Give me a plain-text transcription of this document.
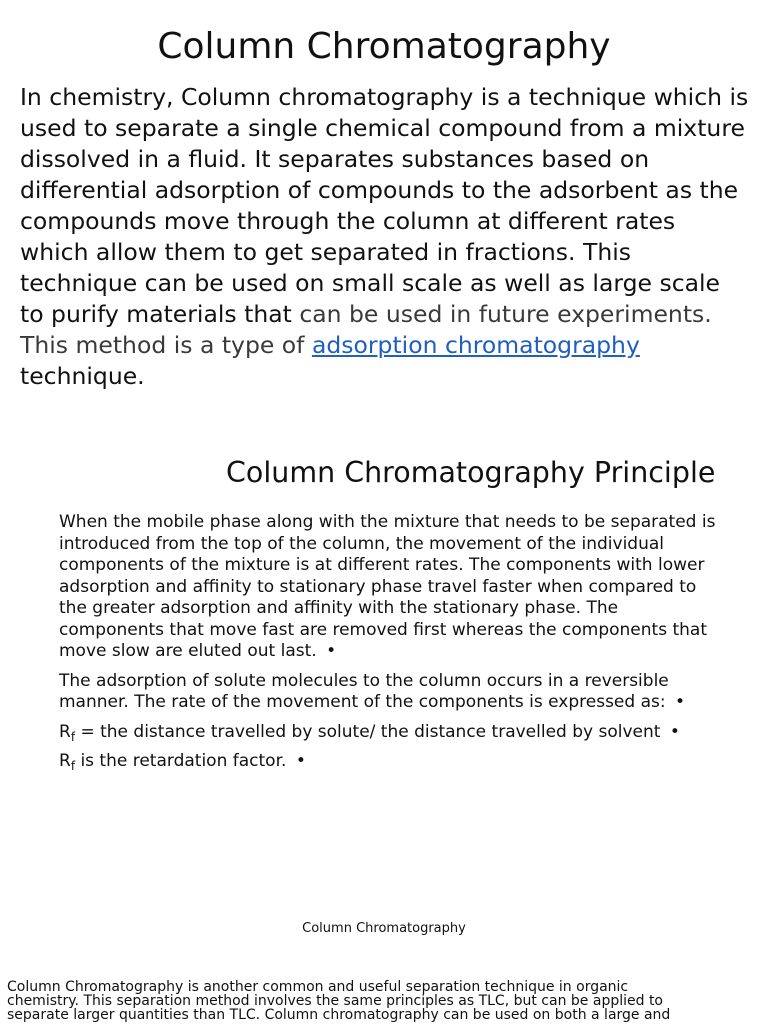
Column Chromatography

In chemistry, Column chromatography is a technique which is used to separate a single chemical compound from a mixture dissolved in a fluid. It separates substances based on differential adsorption of compounds to the adsorbent as the compounds move through the column at different rates which allow them to get separated in fractions. This technique can be used on small scale as well as large scale to purify materials that can be used in future experiments. This method is a type of adsorption chromatography technique.

Column Chromatography Principle

When the mobile phase along with the mixture that needs to be separated is introduced from the top of the column, the movement of the individual components of the mixture is at different rates. The components with lower adsorption and affinity to stationary phase travel faster when compared to the greater adsorption and affinity with the stationary phase. The components that move fast are removed first whereas the components that move slow are eluted out last. •

The adsorption of solute molecules to the column occurs in a reversible manner. The rate of the movement of the components is expressed as: •

$R_f$ = the distance travelled by solute/ the distance travelled by solvent •

$R_f$ is the retardation factor. •

Column Chromatography

Column Chromatography is another common and useful separation technique in organic chemistry. This separation method involves the same principles as TLC, but can be applied to separate larger quantities than TLC. Column chromatography can be used on both a large and
